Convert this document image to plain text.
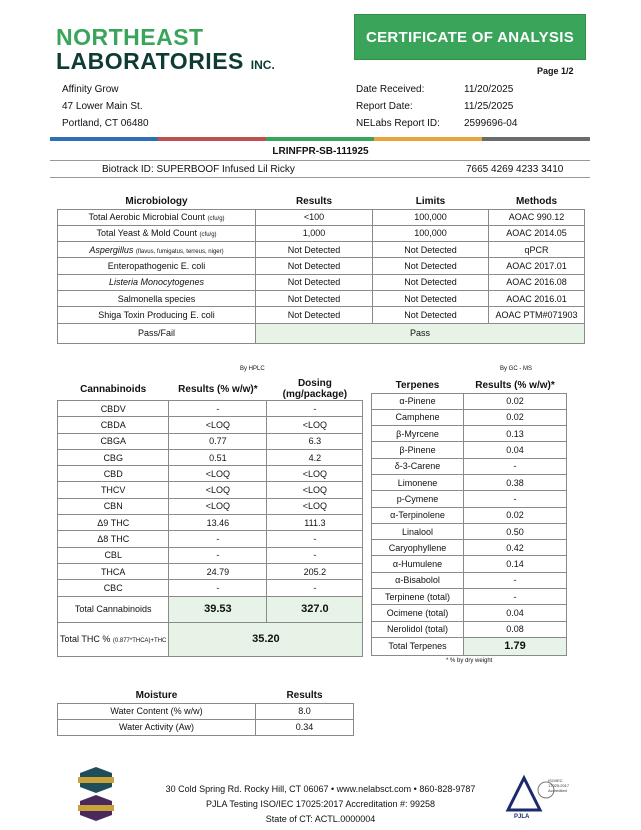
NORTHEAST
LABORATORIES INC.
CERTIFICATE OF ANALYSIS
Page 1/2
Affinity Grow
47 Lower Main St.
Portland, CT 06480
Date Received:	11/20/2025
Report Date:	11/25/2025
NELabs Report ID:	2599696-04
LRINFPR-SB-111925
Biotrack ID: SUPERBOOF Infused Lil Ricky	7665 4269 4233 3410
Microbiology	Results	Limits	Methods
Total Aerobic Microbial Count (cfu/g)	<100	100,000	AOAC 990.12
Total Yeast & Mold Count (cfu/g)	1,000	100,000	AOAC 2014.05
Aspergillus (flavus, fumigatus, terreus, niger)	Not Detected	Not Detected	qPCR
Enteropathogenic E. coli	Not Detected	Not Detected	AOAC 2017.01
Listeria Monocytogenes	Not Detected	Not Detected	AOAC 2016.08
Salmonella species	Not Detected	Not Detected	AOAC 2016.01
Shiga Toxin Producing E. coli	Not Detected	Not Detected	AOAC PTM#071903
Pass/Fail	Pass		
By HPLC
Cannabinoids	Results (% w/w)*	Dosing (mg/package)
CBDV	-	-
CBDA	<LOQ	<LOQ
CBGA	0.77	6.3
CBG	0.51	4.2
CBD	<LOQ	<LOQ
THCV	<LOQ	<LOQ
CBN	<LOQ	<LOQ
Δ9 THC	13.46	111.3
Δ8 THC	-	-
CBL	-	-
THCA	24.79	205.2
CBC	-	-
Total Cannabinoids	39.53	327.0
Total THC % (0.877*THCA)+THC	35.20	
By GC - MS
Terpenes	Results (% w/w)*
α-Pinene	0.02
Camphene	0.02
β-Myrcene	0.13
β-Pinene	0.04
δ-3-Carene	-
Limonene	0.38
p-Cymene	-
α-Terpinolene	0.02
Linalool	0.50
Caryophyllene	0.42
α-Humulene	0.14
α-Bisabolol	-
Terpinene (total)	-
Ocimene (total)	0.04
Nerolidol (total)	0.08
Total Terpenes	1.79
* % by dry weight
Moisture	Results
Water Content (% w/w)	8.0
Water Activity (Aw)	0.34
30 Cold Spring Rd. Rocky Hill, CT 06067 • www.nelabsct.com • 860-828-9787
PJLA Testing ISO/IEC 17025:2017 Accreditation #: 99258
State of CT: ACTL.0000004
ISO/IEC 17025:2017
Accredited
PJLA
